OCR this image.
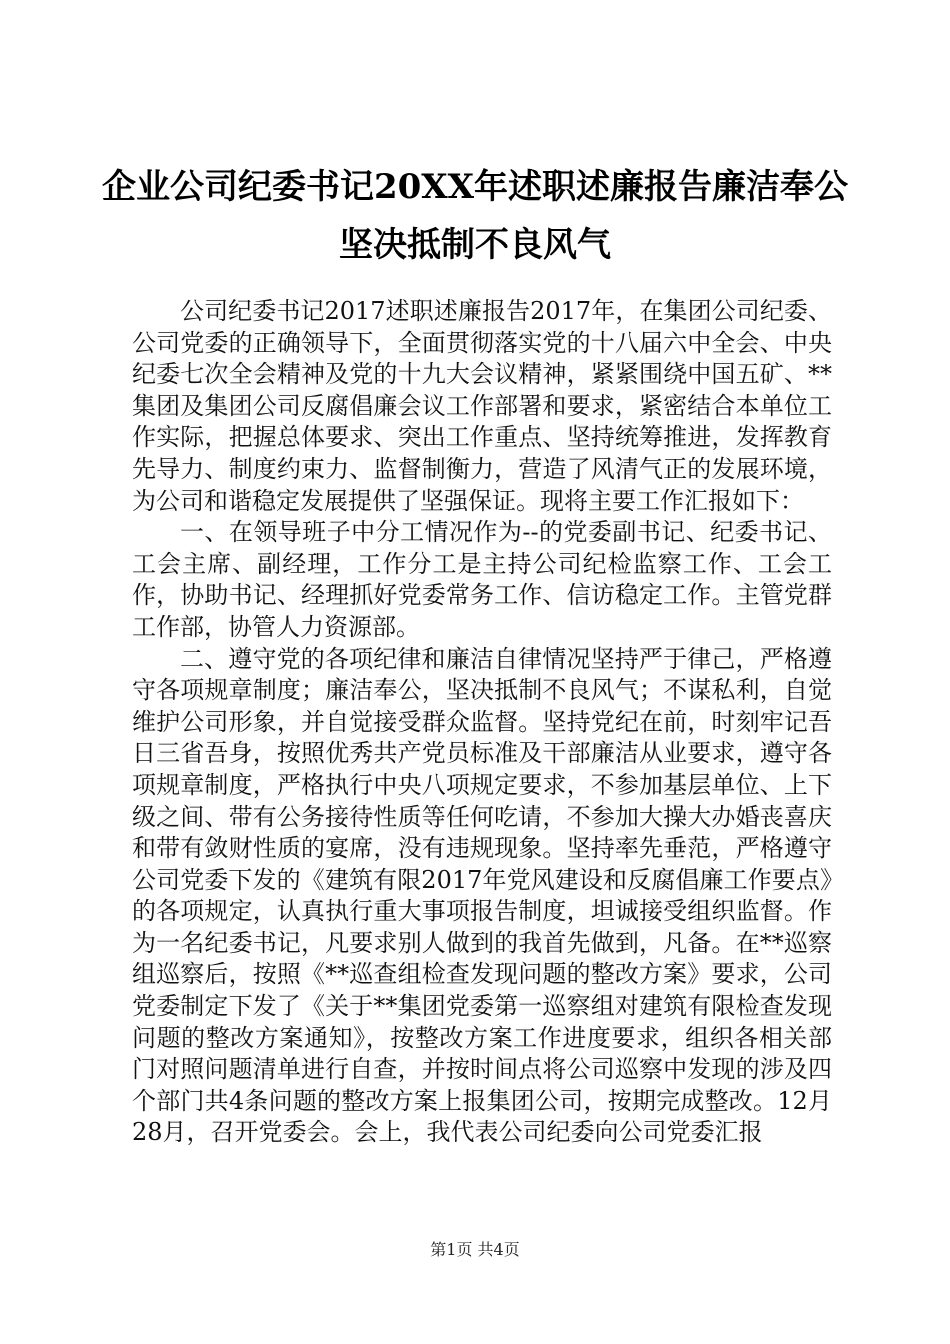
企业公司纪委书记20XX年述职述廉报告廉洁奉公坚决抵制不良风气

公司纪委书记2017述职述廉报告2017年，在集团公司纪委、公司党委的正确领导下，全面贯彻落实党的十八届六中全会、中央纪委七次全会精神及党的十九大会议精神，紧紧围绕中国五矿、**集团及集团公司反腐倡廉会议工作部署和要求，紧密结合本单位工作实际，把握总体要求、突出工作重点、坚持统筹推进，发挥教育先导力、制度约束力、监督制衡力，营造了风清气正的发展环境，为公司和谐稳定发展提供了坚强保证。现将主要工作汇报如下：

一、在领导班子中分工情况作为--的党委副书记、纪委书记、工会主席、副经理，工作分工是主持公司纪检监察工作、工会工作，协助书记、经理抓好党委常务工作、信访稳定工作。主管党群工作部，协管人力资源部。

二、遵守党的各项纪律和廉洁自律情况坚持严于律己，严格遵守各项规章制度；廉洁奉公，坚决抵制不良风气；不谋私利，自觉维护公司形象，并自觉接受群众监督。坚持党纪在前，时刻牢记吾日三省吾身，按照优秀共产党员标准及干部廉洁从业要求，遵守各项规章制度，严格执行中央八项规定要求，不参加基层单位、上下级之间、带有公务接待性质等任何吃请，不参加大操大办婚丧喜庆和带有敛财性质的宴席，没有违规现象。坚持率先垂范，严格遵守公司党委下发的《建筑有限2017年党风建设和反腐倡廉工作要点》的各项规定，认真执行重大事项报告制度，坦诚接受组织监督。作为一名纪委书记，凡要求别人做到的我首先做到，凡备。在**巡察组巡察后，按照《**巡查组检查发现问题的整改方案》要求，公司党委制定下发了《关于**集团党委第一巡察组对建筑有限检查发现问题的整改方案通知》，按整改方案工作进度要求，组织各相关部门对照问题清单进行自查，并按时间点将公司巡察中发现的涉及四个部门共4条问题的整改方案上报集团公司，按期完成整改。12月28月，召开党委会。会上，我代表公司纪委向公司党委汇报

第1页 共4页
